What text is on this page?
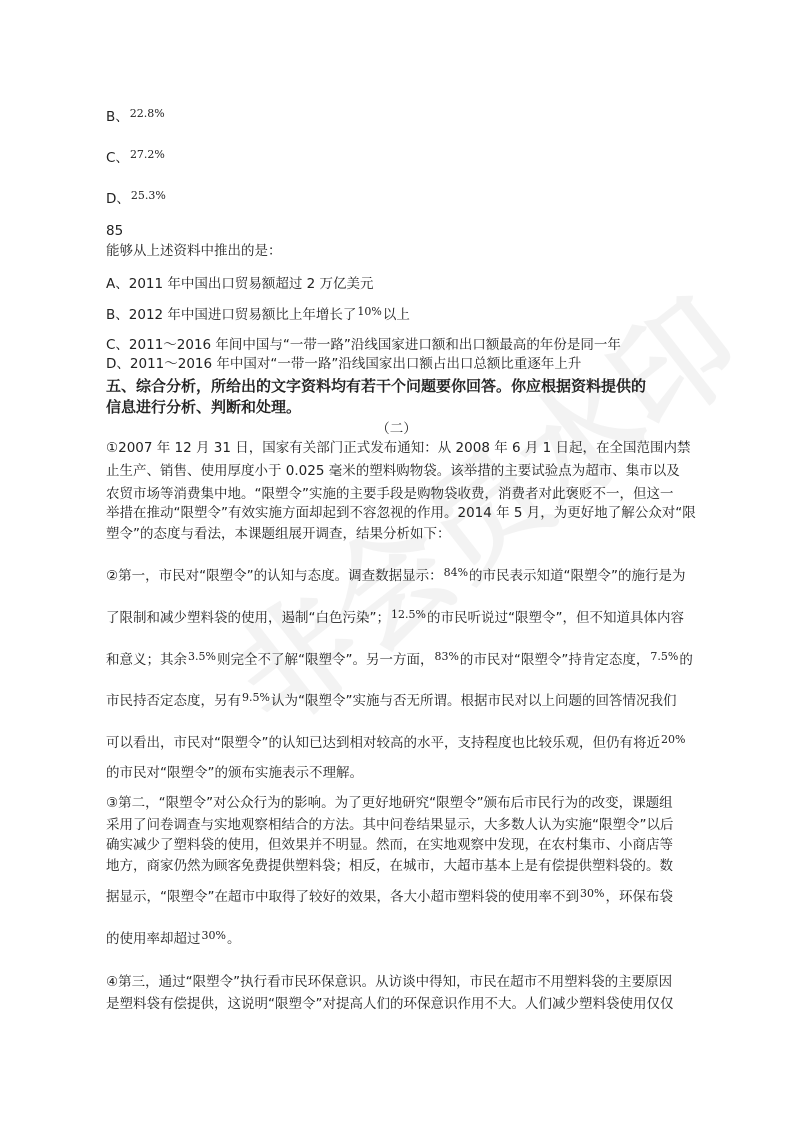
B、$^{22.8\%}$
C、$^{27.2\%}$
D、$^{25.3\%}$
85
能够从上述资料中推出的是：
A、2011 年中国出口贸易额超过 2 万亿美元
B、2012 年中国进口贸易额比上年增长了$^{10\%}$以上
C、2011～2016 年间中国与“一带一路”沿线国家进口额和出口额最高的年份是同一年
D、2011～2016 年中国对“一带一路”沿线国家出口额占出口总额比重逐年上升
五、综合分析，所给出的文字资料均有若干个问题要你回答。你应根据资料提供的
信息进行分析、判断和处理。
（二）
①2007 年 12 月 31 日，国家有关部门正式发布通知：从 2008 年 6 月 1 日起，在全国范围内禁
止生产、销售、使用厚度小于 0.025 毫米的塑料购物袋。该举措的主要试验点为超市、集市以及
农贸市场等消费集中地。“限塑令”实施的主要手段是购物袋收费，消费者对此褒贬不一，但这一
举措在推动“限塑令”有效实施方面却起到不容忽视的作用。2014 年 5 月，为更好地了解公众对“限
塑令”的态度与看法，本课题组展开调查，结果分析如下：
②第一，市民对“限塑令”的认知与态度。调查数据显示：$^{84\%}$的市民表示知道“限塑令”的施行是为
了限制和减少塑料袋的使用，遏制“白色污染”；$^{12.5\%}$的市民听说过“限塑令”，但不知道具体内容
和意义；其余$^{3.5\%}$则完全不了解“限塑令”。另一方面，$^{83\%}$的市民对“限塑令”持肯定态度，$^{7.5\%}$的
市民持否定态度，另有$^{9.5\%}$认为“限塑令”实施与否无所谓。根据市民对以上问题的回答情况我们
可以看出，市民对“限塑令”的认知已达到相对较高的水平，支持程度也比较乐观，但仍有将近$^{20\%}$
的市民对“限塑令”的颁布实施表示不理解。
③第二，“限塑令”对公众行为的影响。为了更好地研究“限塑令”颁布后市民行为的改变，课题组
采用了问卷调查与实地观察相结合的方法。其中问卷结果显示，大多数人认为实施“限塑令”以后
确实减少了塑料袋的使用，但效果并不明显。然而，在实地观察中发现，在农村集市、小商店等
地方，商家仍然为顾客免费提供塑料袋；相反，在城市，大超市基本上是有偿提供塑料袋的。数
据显示，“限塑令”在超市中取得了较好的效果，各大小超市塑料袋的使用率不到$^{30\%}$，环保布袋
的使用率却超过$^{30\%}$。
④第三，通过“限塑令”执行看市民环保意识。从访谈中得知，市民在超市不用塑料袋的主要原因
是塑料袋有偿提供，这说明“限塑令”对提高人们的环保意识作用不大。人们减少塑料袋使用仅仅
